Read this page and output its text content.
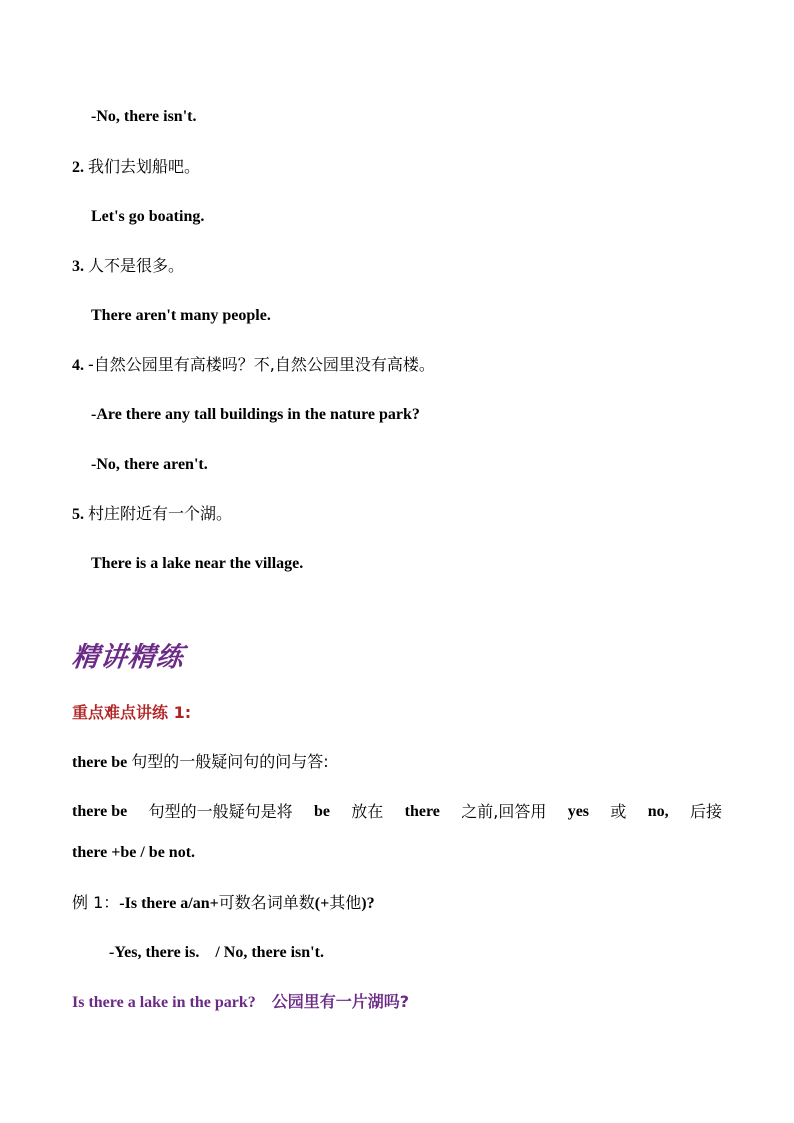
-No, there isn't.
2. 我们去划船吧。
Let's go boating.
3. 人不是很多。
There aren't many people.
4. -自然公园里有高楼吗？不,自然公园里没有高楼。
-Are there any tall buildings in the nature park?
-No, there aren't.
5. 村庄附近有一个湖。
There is a lake near the village.
精讲精练
重点难点讲练 1:
there be 句型的一般疑问句的问与答:
there be 句型的一般疑句是将 be 放在 there 之前,回答用 yes 或 no, 后接
there +be / be not.
例 1：-Is there a/an+可数名词单数(+其他)?
-Yes, there is.    / No, there isn't.
Is there a lake in the park? 公园里有一片湖吗?
